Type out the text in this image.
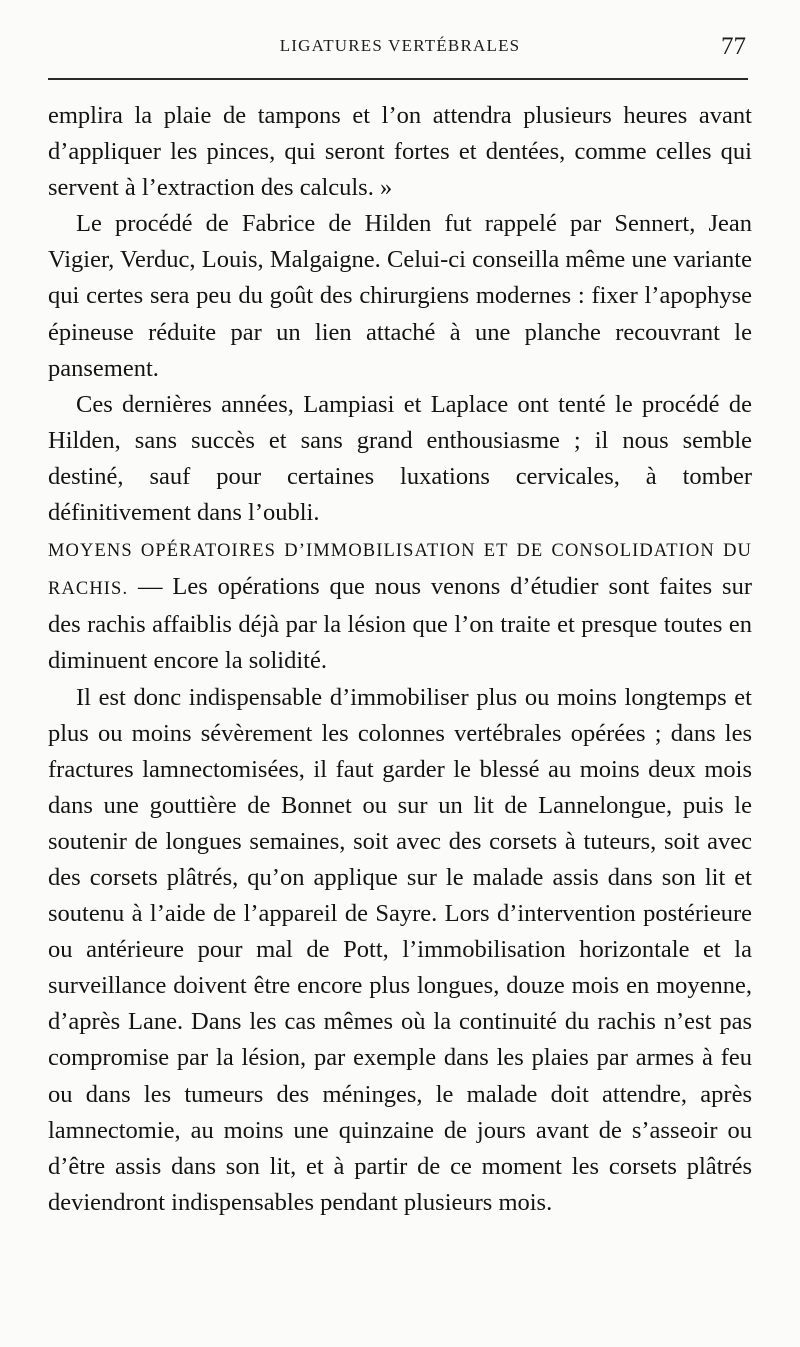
LIGATURES VERTÉBRALES	77

emplira la plaie de tampons et l’on attendra plusieurs heures avant d’appliquer les pinces, qui seront fortes et dentées, comme celles qui servent à l’extraction des calculs. »

Le procédé de Fabrice de Hilden fut rappelé par Sennert, Jean Vigier, Verduc, Louis, Malgaigne. Celui-ci conseilla même une variante qui certes sera peu du goût des chirurgiens modernes : fixer l’apophyse épineuse réduite par un lien attaché à une planche recouvrant le pansement.

Ces dernières années, Lampiasi et Laplace ont tenté le procédé de Hilden, sans succès et sans grand enthousiasme ; il nous semble destiné, sauf pour certaines luxations cervicales, à tomber définitivement dans l’oubli.

MOYENS OPÉRATOIRES D’IMMOBILISATION ET DE CONSOLIDATION DU RACHIS. — Les opérations que nous venons d’étudier sont faites sur des rachis affaiblis déjà par la lésion que l’on traite et presque toutes en diminuent encore la solidité.

Il est donc indispensable d’immobiliser plus ou moins longtemps et plus ou moins sévèrement les colonnes vertébrales opérées ; dans les fractures lamnectomisées, il faut garder le blessé au moins deux mois dans une gouttière de Bonnet ou sur un lit de Lannelongue, puis le soutenir de longues semaines, soit avec des corsets à tuteurs, soit avec des corsets plâtrés, qu’on applique sur le malade assis dans son lit et soutenu à l’aide de l’appareil de Sayre. Lors d’intervention postérieure ou antérieure pour mal de Pott, l’immobilisation horizontale et la surveillance doivent être encore plus longues, douze mois en moyenne, d’après Lane. Dans les cas mêmes où la continuité du rachis n’est pas compromise par la lésion, par exemple dans les plaies par armes à feu ou dans les tumeurs des méninges, le malade doit attendre, après lamnectomie, au moins une quinzaine de jours avant de s’asseoir ou d’être assis dans son lit, et à partir de ce moment les corsets plâtrés deviendront indispensables pendant plusieurs mois.
